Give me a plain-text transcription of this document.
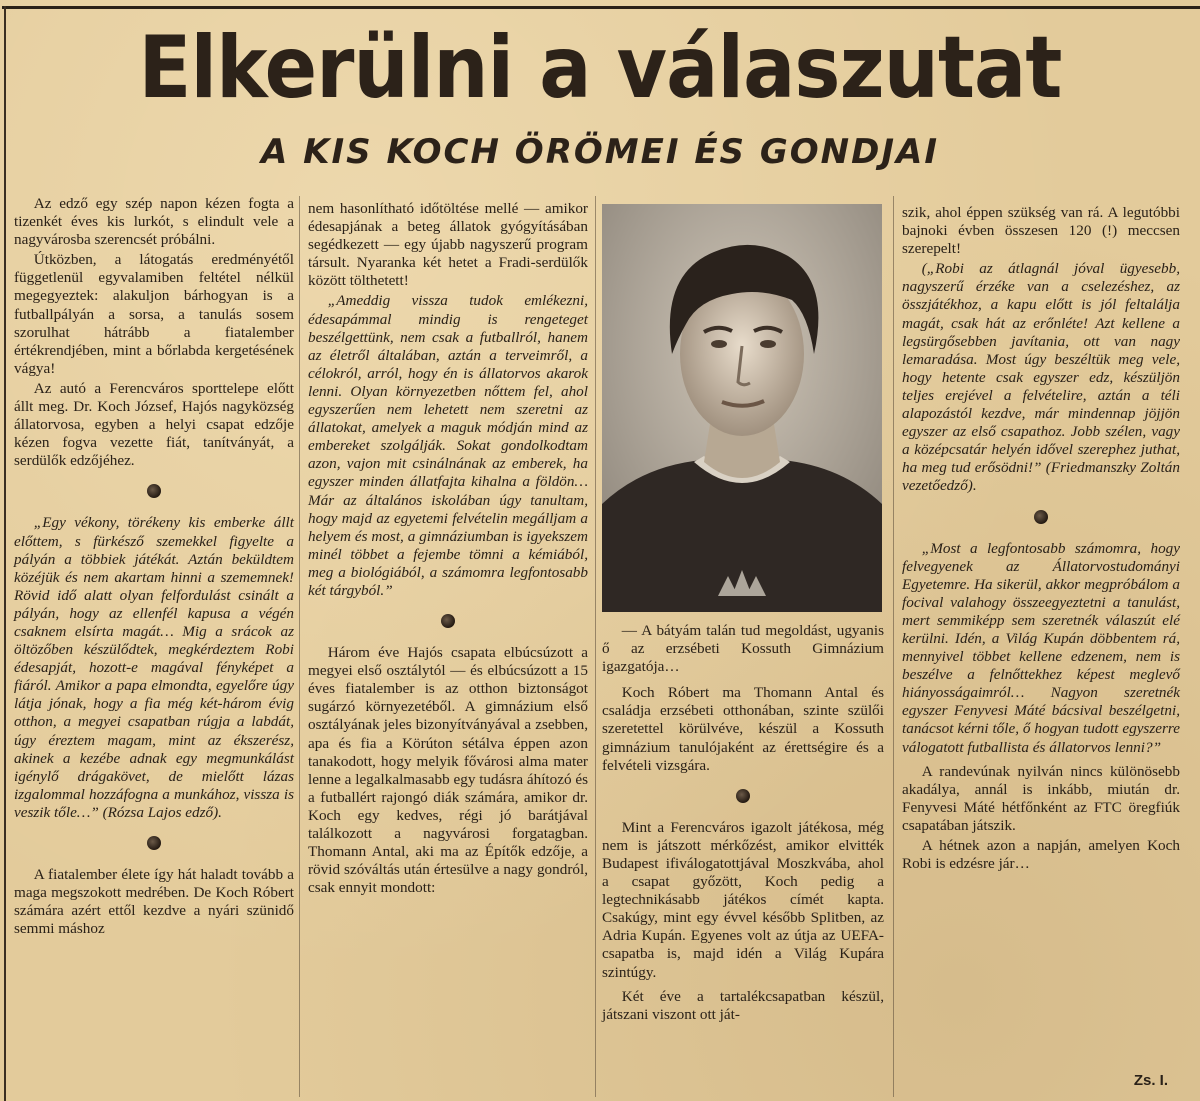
Elkerülni a válaszutat
A KIS KOCH ÖRÖMEI ÉS GONDJAI

Az edző egy szép napon kézen fogta a tizenkét éves kis lurkót, s elindult vele a nagyvárosba szerencsét próbálni.

Útközben, a látogatás eredményétől függetlenül egyvalamiben feltétel nélkül megegyeztek: alakuljon bárhogyan is a futballpályán a sorsa, a tanulás sosem szorulhat hátrább a fiatalember értékrendjében, mint a bőrlabda kergetésének vágya!

Az autó a Ferencváros sporttelepe előtt állt meg. Dr. Koch József, Hajós nagyközség állatorvosa, egyben a helyi csapat edzője kézen fogva vezette fiát, tanítványát, a serdülők edzőjéhez.

„Egy vékony, törékeny kis emberke állt előttem, s fürkésző szemekkel figyelte a pályán a többiek játékát. Aztán beküldtem közéjük és nem akartam hinni a szememnek! Rövid idő alatt olyan felfordulást csinált a pályán, hogy az ellenfél kapusa a végén csaknem elsírta magát… Mig a srácok az öltözőben készülődtek, megkérdeztem Robi édesapját, hozott-e magával fényképet a fiáról. Amikor a papa elmondta, egyelőre úgy látja jónak, hogy a fia még két-három évig otthon, a megyei csapatban rúgja a labdát, úgy éreztem magam, mint az ékszerész, akinek a kezébe adnak egy megmunkálást igénylő drágakövet, de mielőtt lázas izgalommal hozzáfogna a munkához, vissza is veszik tőle…” (Rózsa Lajos edző).

A fiatalember élete így hát haladt tovább a maga megszokott medrében. De Koch Róbert számára azért ettől kezdve a nyári szünidő semmi máshoz

nem hasonlítható időtöltése mellé — amikor édesapjának a beteg állatok gyógyításában segédkezett — egy újabb nagyszerű program társult. Nyarankа két hetet a Fradi-serdülők között tölthetett!

„Ameddig vissza tudok emlékezni, édesapámmal mindig is rengeteget beszélgettünk, nem csak a futballról, hanem az életről általában, aztán a terveimről, a célokról, arról, hogy én is állatorvos akarok lenni. Olyan környezetben nőttem fel, ahol egyszerűen nem lehetett nem szeretni az állatokat, amelyek a maguk módján mind az embereket szolgálják. Sokat gondolkodtam azon, vajon mit csinálnának az emberek, ha egyszer minden állatfajta kihalna a földön… Már az általános iskolában úgy tanultam, hogy majd az egyetemi felvételin megálljam a helyem és most, a gimnáziumban is igyekszem minél többet a fejembe tömni a kémiából, meg a biológiából, a számomra legfontosabb két tárgyból.”

Három éve Hajós csapata elbúcsúzott a megyei első osztálytól — és elbúcsúzott a 15 éves fiatalember is az otthon biztonságot sugárzó környezetéből. A gimnázium első osztályának jeles bizonyítványával a zsebben, apa és fia a Körúton sétálva éppen azon tanakodott, hogy melyik fővárosi alma mater lenne a legalkalmasabb egy tudásra áhítozó és a futballért rajongó diák számára, amikor dr. Koch egy kedves, régi jó barátjával találkozott a nagyvárosi forgatagban. Thomann Antal, aki ma az Építők edzője, a rövid szóváltás után értesülve a nagy gondról, csak ennyit mondott:

— A bátyám talán tud megoldást, ugyanis ő az erzsébeti Kossuth Gimnázium igazgatója…

Koch Róbert ma Thomann Antal és családja erzsébeti otthonában, szinte szülői szeretettel körülvéve, készül a Kossuth gimnázium tanulójaként az érettségire és a felvételi vizsgára.

Mint a Ferencváros igazolt játékosa, még nem is játszott mérkőzést, amikor elvitték Budapest ifiválogatottjával Moszkvába, ahol a csapat győzött, Koch pedig a legtechnikásabb játékos címét kapta. Csakúgy, mint egy évvel később Splitben, az Adria Kupán. Egyenes volt az útja az UEFA-csapatba is, majd idén a Világ Kupára szintúgy.

Két éve a tartalékcsapatban készül, játszani viszont ott ját-

szik, ahol éppen szükség van rá. A legutóbbi bajnoki évben összesen 120 (!) meccsen szerepelt!

(„Robi az átlagnál jóval ügyesebb, nagyszerű érzéke van a cselezéshez, az összjátékhoz, a kapu előtt is jól feltalálja magát, csak hát az erőnléte! Azt kellene a legsürgősebben javítania, ott van nagy lemaradása. Most úgy beszéltük meg vele, hogy hetente csak egyszer edz, készüljön teljes erejével a felvételire, aztán a téli alapozástól kezdve, már mindennap jöjjön egyszer az első csapathoz. Jobb szélen, vagy a középcsatár helyén idővel szerephez juthat, ha meg tud erősödni!” (Friedmanszky Zoltán vezetőedző).

„Most a legfontosabb számomra, hogy felvegyenek az Állatorvostudományi Egyetemre. Ha sikerül, akkor megpróbálom a focival valahogy összeegyeztetni a tanulást, mert semmiképp sem szeretnék válaszút elé kerülni. Idén, a Világ Kupán döbbentem rá, mennyivel többet kellene edzenem, nem is beszélve a felnőttekhez képest meglevő hiányosságaimról… Nagyon szeretnék egyszer Fenyvesi Máté bácsival beszélgetni, tanácsot kérni tőle, ő hogyan tudott egyszerre válogatott futballista és állatorvos lenni?”

A randevúnak nyilván nincs különösebb akadálya, annál is inkább, miután dr. Fenyvesi Máté hétfőnként az FTC öregfiúk csapatában játszik.

A hétnek azon a napján, amelyen Koch Robi is edzésre jár…

Zs. I.
